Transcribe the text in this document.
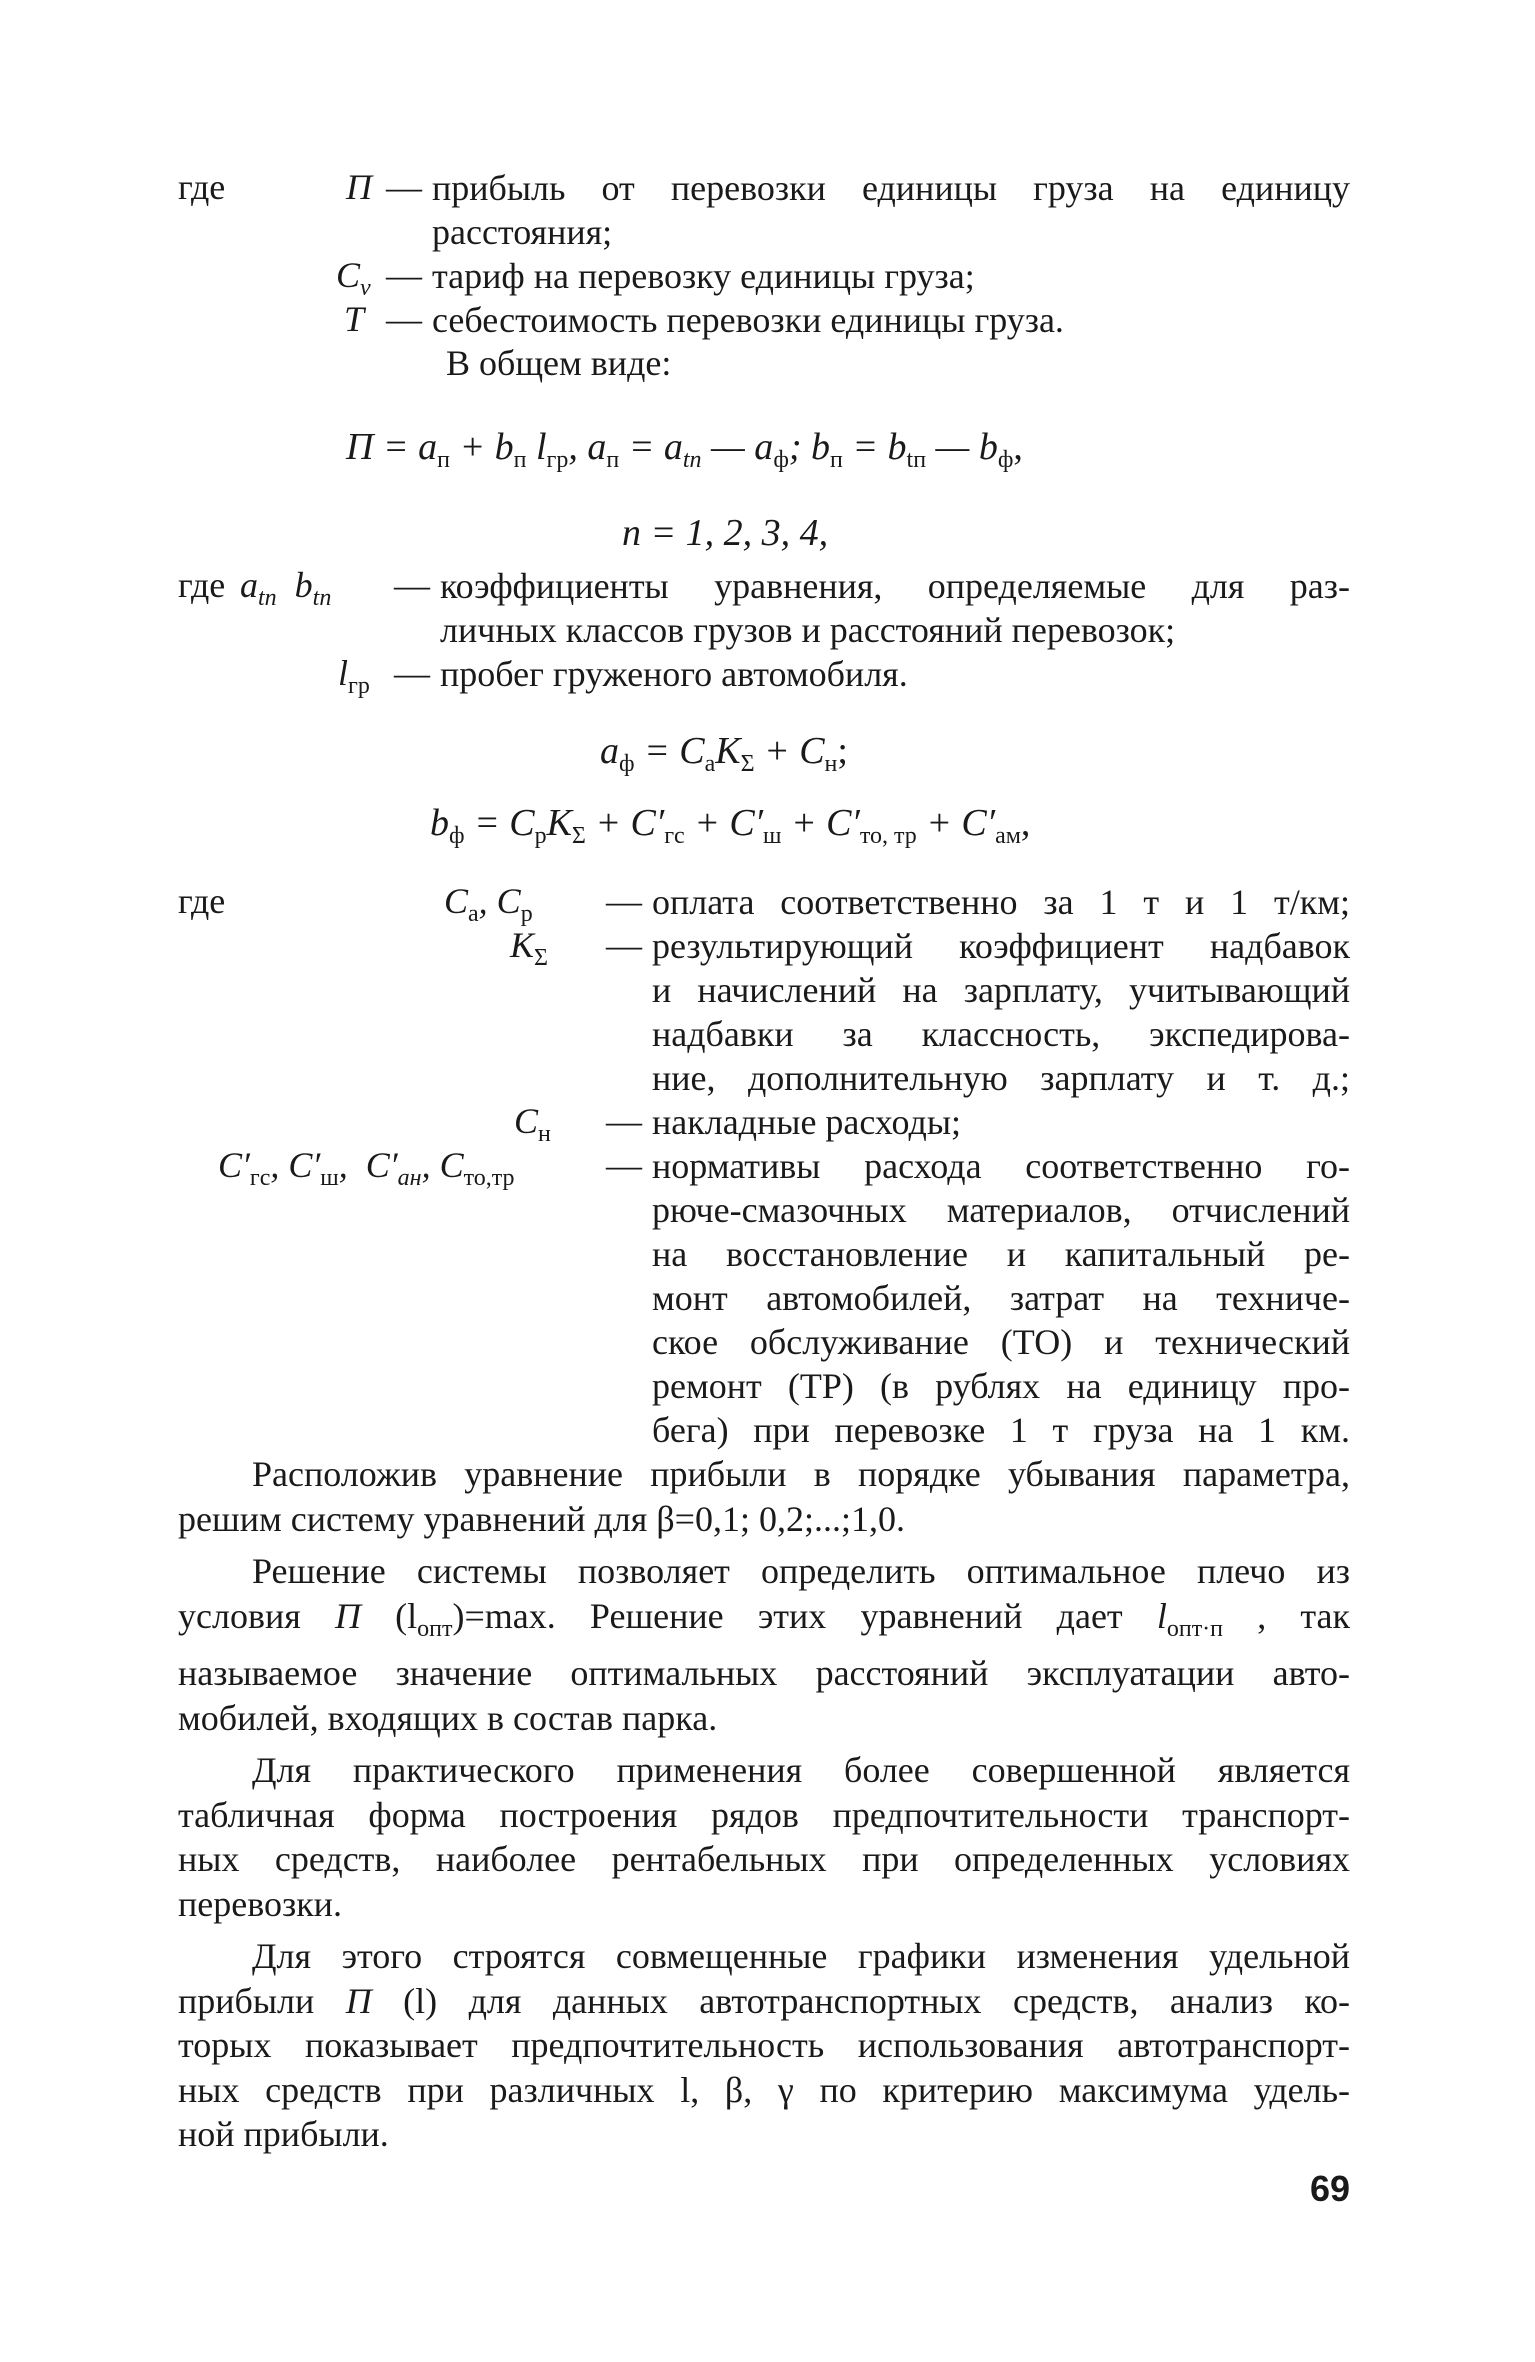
где	П — прибыль от перевозки единицы груза на единицу
расстояния;
$C_v$ — тариф на перевозку единицы груза;
T — себестоимость перевозки единицы груза.
В общем виде:
$П = a_п + b_п$ $l_{гр}$, $a_п = a_{tп}$ — $a_ф$; $b_п = b_{tп}$ — $b_ф$,
n = 1, 2, 3, 4,
где $a_{tп}$ $b_{tп}$ — коэффициенты уравнения, определяемые для раз-
личных классов грузов и расстояний перевозок;
$l_{гр}$ — пробег груженого автомобиля.
$a_ф = C_аK_\Sigma + C_н$;
$b_ф = C_рK_\Sigma + C'_{гс} + C'_ш + C'_{то, тр} + C'_{ам}$,
где	$C_а$, $C_р$ — оплата соответственно за 1 т и 1 т/км;
$K_\Sigma$ — результирующий коэффициент надбавок
и начислений на зарплату, учитывающий
надбавки за классность, экспедирова-
ние, дополнительную зарплату и т. д.;
$C_н$ — накладные расходы;
$C'_{гс}$, $C'_ш$,  $C'_{ан}$, $C_{то,тр}$	— нормативы расхода соответственно го-
рюче-смазочных материалов, отчислений
на восстановление и капитальный ре-
монт автомобилей, затрат на техниче-
ское обслуживание (ТО) и технический
ремонт (ТР) (в рублях на единицу про-
бега) при перевозке 1 т груза на 1 км.

Расположив уравнение прибыли в порядке убывания параметра,
решим систему уравнений для β=0,1; 0,2;...;1,0.

Решение системы позволяет определить оптимальное плечо из
условия П $(l_{опт})=\max$. Решение этих уравнений дает $l_{опт\cdot п}$ , так
называемое значение оптимальных расстояний эксплуатации авто-
мобилей, входящих в состав парка.

Для практического применения более совершенной является
табличная форма построения рядов предпочтительности транспорт-
ных средств, наиболее рентабельных при определенных условиях
перевозки.

Для этого строятся совмещенные графики изменения удельной
прибыли П (l) для данных автотранспортных средств, анализ ко-
торых показывает предпочтительность использования автотранспорт-
ных средств при различных l, β, γ по критерию максимума удель-
ной прибыли.

69
